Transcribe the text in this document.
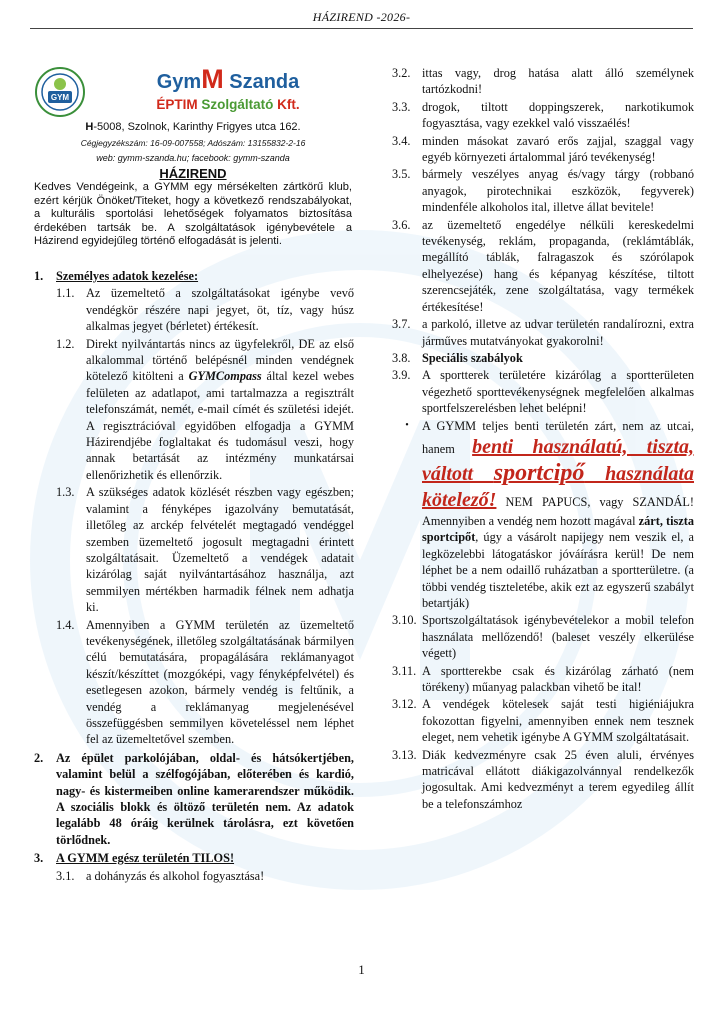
HÁZIREND -2026-
GYM
GymM Szanda
ÉPTIM Szolgáltató Kft.
H-5008, Szolnok, Karinthy Frigyes utca 162.
Cégjegyzékszám: 16-09-007558; Adószám: 13155832-2-16
web: gymm-szanda.hu; facebook: gymm-szanda
HÁZIREND
Kedves Vendégeink, a GYMM egy mérsékelten zártkörű klub, ezért kérjük Önöket/Titeket, hogy a következő rendszabályokat, a kulturális sportolási lehetőségek folyamatos biztosítása érdekében tartsák be. A szolgáltatások igénybevétele a Házirend egyidejűleg történő elfogadását is jelenti.
1.	Személyes adatok kezelése:
1.1. Az üzemeltető a szolgáltatásokat igénybe vevő vendégkör részére napi jegyet, öt, tíz, vagy húsz alkalmas jegyet (bérletet) értékesít.
1.2. Direkt nyilvántartás nincs az ügyfelekről, DE az első alkalommal történő belépésnél minden vendégnek kötelező kitölteni a GYMCompass által kezel webes felületen az adatlapot, ami tartalmazza a regisztrált telefonszámát, nemét, e-mail címét és születési idejét. A regisztrációval egyidőben elfogadja a GYMM Házirendjébe foglaltakat és tudomásul veszi, hogy annak betartását az intézmény munkatársai ellenőrizhetik és ellenőrzik.
1.3. A szükséges adatok közlését részben vagy egészben; valamint a fényképes igazolvány bemutatását, illetőleg az arckép felvételét megtagadó vendéggel szemben üzemeltető jogosult megtagadni érintett szolgáltatásait. Üzemeltető a vendégek adatait kizárólag saját nyilvántartásához használja, azt semmilyen mértékben harmadik félnek nem adhatja ki.
1.4. Amennyiben a GYMM területén az üzemeltető tevékenységének, illetőleg szolgáltatásának bármilyen célú bemutatására, propagálására reklámanyagot készít/készíttet (mozgóképi, vagy fényképfelvétel) és esetlegesen azokon, bármely vendég is feltűnik, a vendég a reklámanyag megjelenésével összefüggésben semmilyen követeléssel nem léphet fel az üzemeltetővel szemben.
2.	Az épület parkolójában, oldal- és hátsókertjében, valamint belül a szélfogójában, előterében és kardió, nagy- és kistermeiben online kamerarendszer működik. A szociális blokk és öltöző területén nem. Az adatok legalább 48 óráig kerülnek tárolásra, ezt követően törlődnek.
3.	A GYMM egész területén TILOS!
3.1. a dohányzás és alkohol fogyasztása!
3.2. ittas vagy, drog hatása alatt álló személynek tartózkodni!
3.3. drogok, tiltott doppingszerek, narkotikumok fogyasztása, vagy ezekkel való visszaélés!
3.4. minden másokat zavaró erős zajjal, szaggal vagy egyéb környezeti ártalommal járó tevékenység!
3.5. bármely veszélyes anyag és/vagy tárgy (robbanó anyagok, pirotechnikai eszközök, fegyverek) mindenféle alkoholos ital, illetve állat bevitele!
3.6. az üzemeltető engedélye nélküli kereskedelmi tevékenység, reklám, propaganda, (reklámtáblák, megállító táblák, falragaszok és szórólapok elhelyezése) hang és képanyag készítése, tiltott szerencsejáték, zene szolgáltatása, vagy termékek értékesítése!
3.7. a parkoló, illetve az udvar területén randalírozni, extra járműves mutatványokat gyakorolni!
3.8. Speciális szabályok
3.9. A sportterek területére kizárólag a sportterületen végezhető sporttevékenységnek megfelelően alkalmas sportfelszerelésben lehet belépni!
•	A GYMM teljes benti területén zárt, nem az utcai, hanem benti használatú, tiszta, váltott sportcipő használata kötelező! NEM PAPUCS, vagy SZANDÁL! Amennyiben a vendég nem hozott magával zárt, tiszta sportcipőt, úgy a vásárolt napijegy nem veszik el, a legközelebbi látogatáskor jóváírásra kerül! De nem léphet be a nem odaillő ruházatban a sportterületre. (a többi vendég tiszteletébe, akik ezt az egyszerű szabályt betartják)
3.10. Sportszolgáltatások igénybevételekor a mobil telefon használata mellőzendő! (baleset veszély elkerülése végett)
3.11. A sportterekbe csak és kizárólag zárható (nem törékeny) műanyag palackban vihető be ital!
3.12. A vendégek kötelesek saját testi higiéniájukra fokozottan figyelni, amennyiben ennek nem tesznek eleget, nem vehetik igénybe A GYMM szolgáltatásait.
3.13. Diák kedvezményre csak 25 éven aluli, érvényes matricával ellátott diákigazolvánnyal rendelkezők jogosultak. Ami kedvezményt a terem egyedileg állít be a telefonszámhoz
1
